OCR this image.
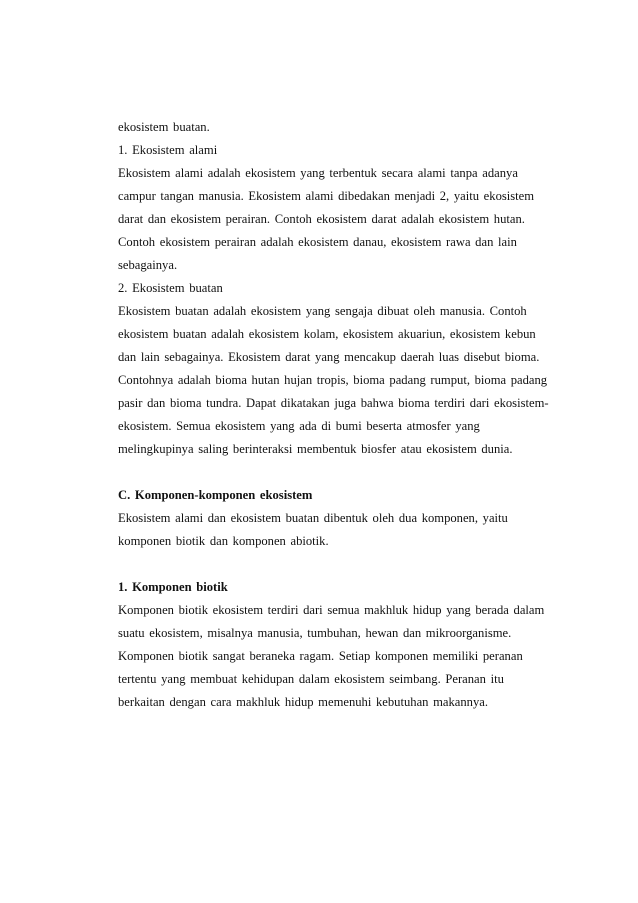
ekosistem buatan.
1. Ekosistem alami
Ekosistem alami adalah ekosistem yang terbentuk secara alami tanpa adanya
campur tangan manusia. Ekosistem alami dibedakan menjadi 2, yaitu ekosistem
darat dan ekosistem perairan. Contoh ekosistem darat adalah ekosistem hutan.
Contoh ekosistem perairan adalah ekosistem danau, ekosistem rawa dan lain
sebagainya.
2. Ekosistem buatan
Ekosistem buatan adalah ekosistem yang sengaja dibuat oleh manusia. Contoh
ekosistem buatan adalah ekosistem kolam, ekosistem akuariun, ekosistem kebun
dan lain sebagainya. Ekosistem darat yang mencakup daerah luas disebut bioma.
Contohnya adalah bioma hutan hujan tropis, bioma padang rumput, bioma padang
pasir dan bioma tundra. Dapat dikatakan juga bahwa bioma terdiri dari ekosistem-
ekosistem. Semua ekosistem yang ada di bumi beserta atmosfer yang
melingkupinya saling berinteraksi membentuk biosfer atau ekosistem dunia.
C. Komponen-komponen ekosistem
Ekosistem alami dan ekosistem buatan dibentuk oleh dua komponen, yaitu
komponen biotik dan komponen abiotik.
1. Komponen biotik
Komponen biotik ekosistem terdiri dari semua makhluk hidup yang berada dalam
suatu ekosistem, misalnya manusia, tumbuhan, hewan dan mikroorganisme.
Komponen biotik sangat beraneka ragam. Setiap komponen memiliki peranan
tertentu yang membuat kehidupan dalam ekosistem seimbang. Peranan itu
berkaitan dengan cara makhluk hidup memenuhi kebutuhan makannya.
